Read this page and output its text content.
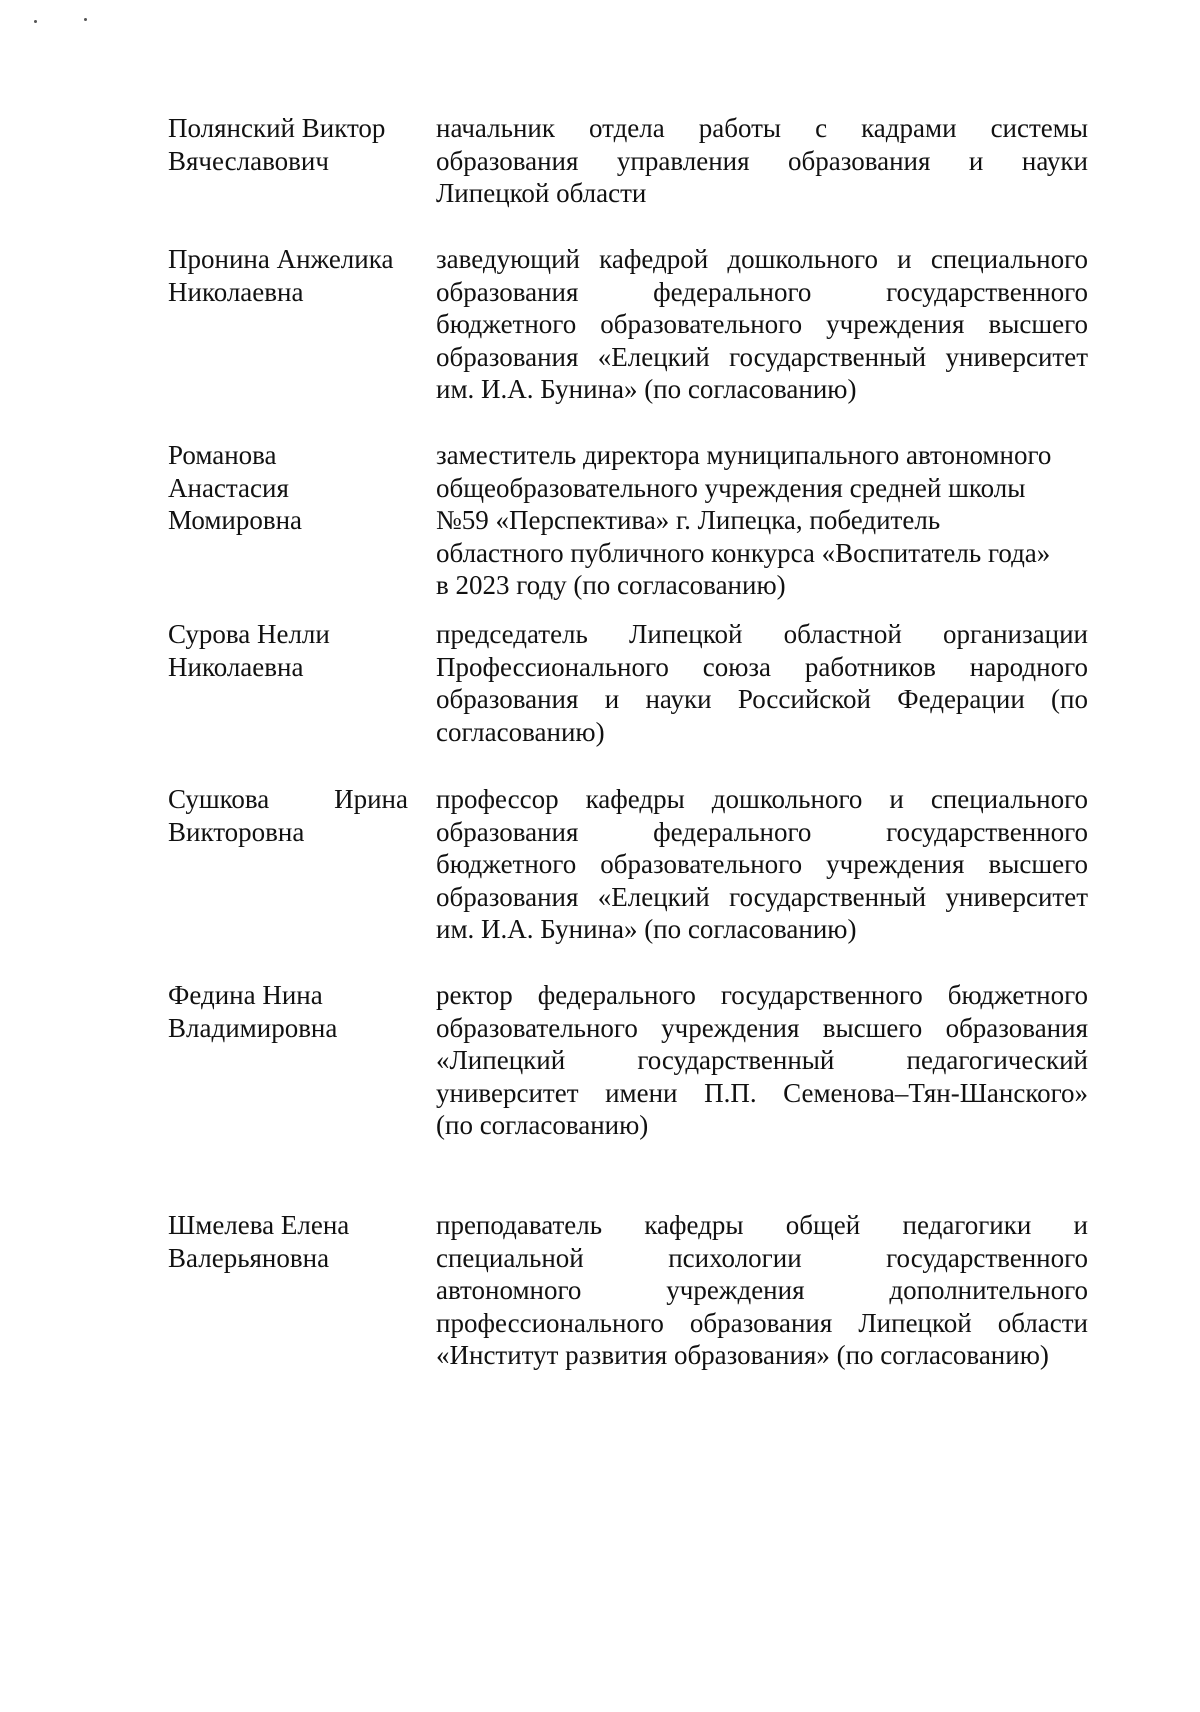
Полянский Виктор
Вячеславович
начальник отдела работы с кадрами системы
образования управления образования и науки
Липецкой области
Пронина Анжелика
Николаевна
заведующий кафедрой дошкольного и специального
образования федерального государственного
бюджетного образовательного учреждения высшего
образования «Елецкий государственный университет
им. И.А. Бунина» (по согласованию)
Романова
Анастасия
Момировна
заместитель директора муниципального автономного
общеобразовательного учреждения средней школы
№59 «Перспектива» г. Липецка, победитель
областного публичного конкурса «Воспитатель года»
в 2023 году (по согласованию)
Сурова Нелли
Николаевна
председатель Липецкой областной организации
Профессионального союза работников народного
образования и науки Российской Федерации (по
согласованию)
Сушкова Ирина
Викторовна
профессор кафедры дошкольного и специального
образования федерального государственного
бюджетного образовательного учреждения высшего
образования «Елецкий государственный университет
им. И.А. Бунина» (по согласованию)
Федина Нина
Владимировна
ректор федерального государственного бюджетного
образовательного учреждения высшего образования
«Липецкий государственный педагогический
университет имени П.П. Семенова–Тян-Шанского»
(по согласованию)
Шмелева Елена
Валерьяновна
преподаватель кафедры общей педагогики и
специальной психологии государственного
автономного учреждения дополнительного
профессионального образования Липецкой области
«Институт развития образования» (по согласованию)
